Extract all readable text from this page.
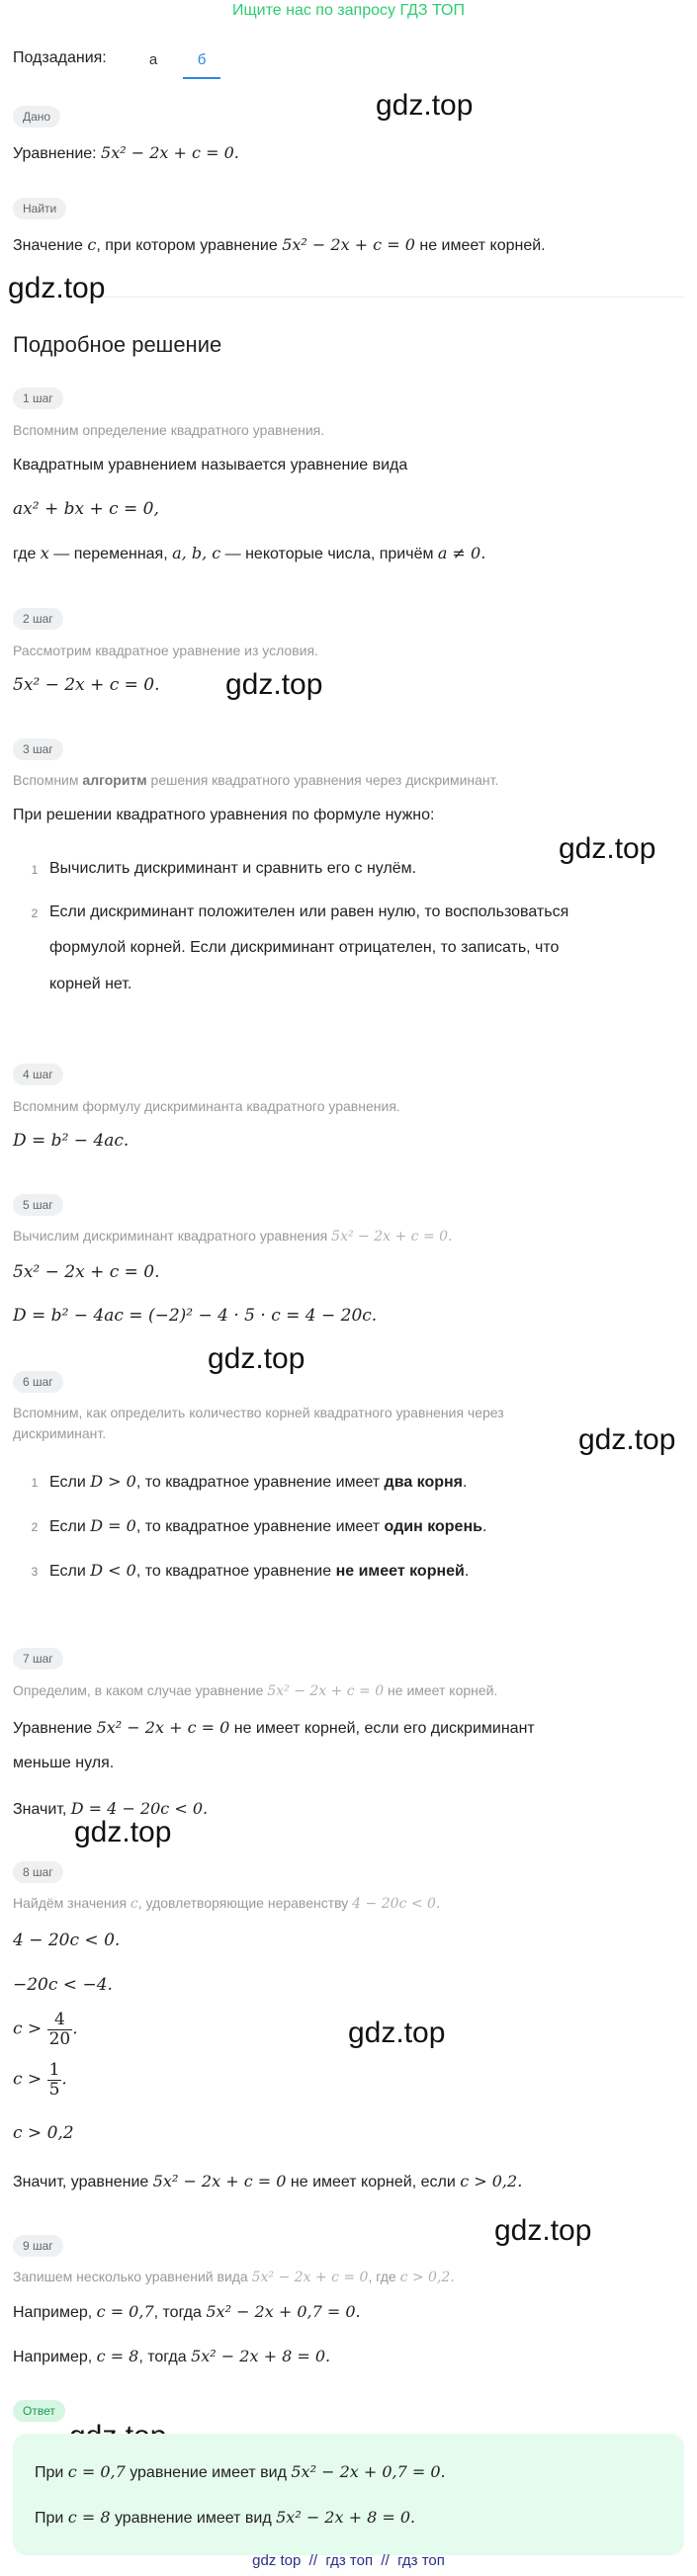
Ищите нас по запросу ГДЗ ТОП
Подзадания:	а	б
Дано
Уравнение: 5x² − 2x + c = 0.
Найти
Значение c, при котором уравнение 5x² − 2x + c = 0 не имеет корней.
gdz.top
gdz.top
gdz.top
gdz.top
gdz.top
gdz.top
gdz.top
gdz.top
gdz.top
Подробное решение
1 шаг
Вспомним определение квадратного уравнения.
Квадратным уравнением называется уравнение вида
ax² + bx + c = 0,
где x — переменная, a, b, c — некоторые числа, причём a ≠ 0.
2 шаг
Рассмотрим квадратное уравнение из условия.
5x² − 2x + c = 0.
3 шаг
Вспомним алгоритм решения квадратного уравнения через дискриминант.
При решении квадратного уравнения по формуле нужно:
1 Вычислить дискриминант и сравнить его с нулём.
2 Если дискриминант положителен или равен нулю, то воспользоваться
формулой корней. Если дискриминант отрицателен, то записать, что
корней нет.
4 шаг
Вспомним формулу дискриминанта квадратного уравнения.
D = b² − 4ac.
5 шаг
Вычислим дискриминант квадратного уравнения 5x² − 2x + c = 0.
5x² − 2x + c = 0.
D = b² − 4ac = (−2)² − 4 · 5 · c = 4 − 20c.
6 шаг
Вспомним, как определить количество корней квадратного уравнения через
дискриминант.
1 Если D > 0, то квадратное уравнение имеет два корня.
2 Если D = 0, то квадратное уравнение имеет один корень.
3 Если D < 0, то квадратное уравнение не имеет корней.
7 шаг
Определим, в каком случае уравнение 5x² − 2x + c = 0 не имеет корней.
Уравнение 5x² − 2x + c = 0 не имеет корней, если его дискриминант
меньше нуля.
Значит, D = 4 − 20c < 0.
8 шаг
Найдём значения c, удовлетворяющие неравенству 4 − 20c < 0.
4 − 20c < 0.
−20c < −4.
$c > \frac{4}{20}$ .
$c > \frac{1}{5}$ .
c > 0,2
Значит, уравнение 5x² − 2x + c = 0 не имеет корней, если c > 0,2.
9 шаг
Запишем несколько уравнений вида 5x² − 2x + c = 0, где c > 0,2.
Например, c = 0,7, тогда 5x² − 2x + 0,7 = 0.
Например, c = 8, тогда 5x² − 2x + 8 = 0.
Ответ
При c = 0,7 уравнение имеет вид 5x² − 2x + 0,7 = 0.
При c = 8 уравнение имеет вид 5x² − 2x + 8 = 0.
gdz top  //  гдз топ  //  гдз топ
